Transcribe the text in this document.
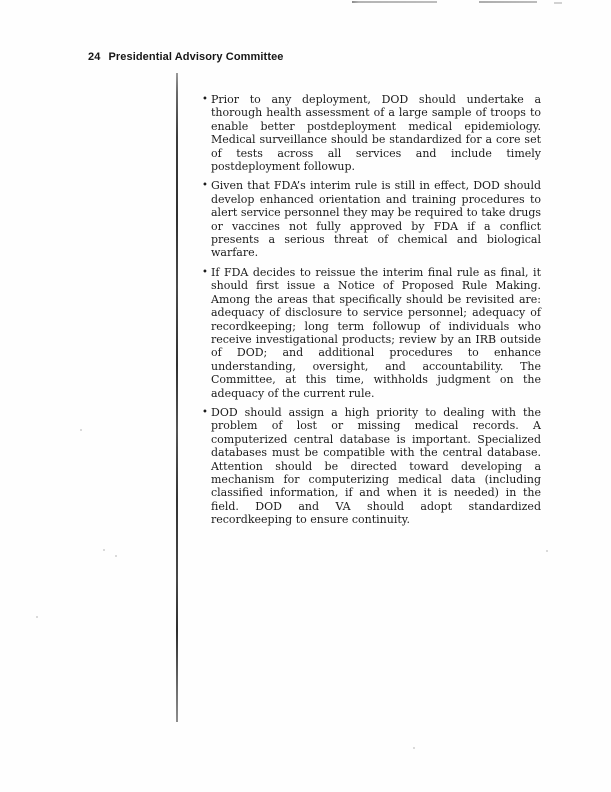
24 Presidential Advisory Committee
• Prior to any deployment, DOD should undertake a thorough health assessment of a large sample of troops to enable better postdeployment medical epidemiology. Medical surveillance should be standardized for a core set of tests across all services and include timely postdeployment followup.
• Given that FDA’s interim rule is still in effect, DOD should develop enhanced orientation and training procedures to alert service personnel they may be required to take drugs or vaccines not fully approved by FDA if a conflict presents a serious threat of chemical and biological warfare.
• If FDA decides to reissue the interim final rule as final, it should first issue a Notice of Proposed Rule Making. Among the areas that specifically should be revisited are: adequacy of disclosure to service personnel; adequacy of recordkeeping; long term followup of individuals who receive investigational products; review by an IRB outside of DOD; and additional procedures to enhance understanding, oversight, and accountability. The Committee, at this time, withholds judgment on the adequacy of the current rule.
• DOD should assign a high priority to dealing with the problem of lost or missing medical records. A computerized central database is important. Specialized databases must be compatible with the central database. Attention should be directed toward developing a mechanism for computerizing medical data (including classified information, if and when it is needed) in the field. DOD and VA should adopt standardized recordkeeping to ensure continuity.
